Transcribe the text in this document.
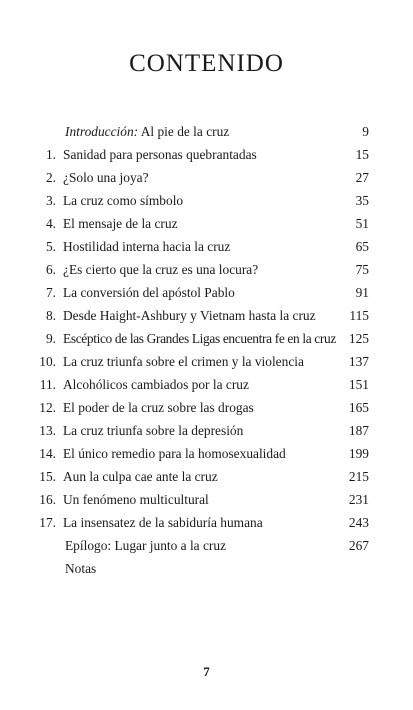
CONTENIDO
Introducción: Al pie de la cruz	9
1. Sanidad para personas quebrantadas	15
2. ¿Solo una joya?	27
3. La cruz como símbolo	35
4. El mensaje de la cruz	51
5. Hostilidad interna hacia la cruz	65
6. ¿Es cierto que la cruz es una locura?	75
7. La conversión del apóstol Pablo	91
8. Desde Haight-Ashbury y Vietnam hasta la cruz	115
9. Escéptico de las Grandes Ligas encuentra fe en la cruz 125
10. La cruz triunfa sobre el crimen y la violencia	137
11. Alcohólicos cambiados por la cruz	151
12. El poder de la cruz sobre las drogas	165
13. La cruz triunfa sobre la depresión	187
14. El único remedio para la homosexualidad	199
15. Aun la culpa cae ante la cruz	215
16. Un fenómeno multicultural	231
17. La insensatez de la sabiduría humana	243
Epílogo: Lugar junto a la cruz	267
Notas
7
